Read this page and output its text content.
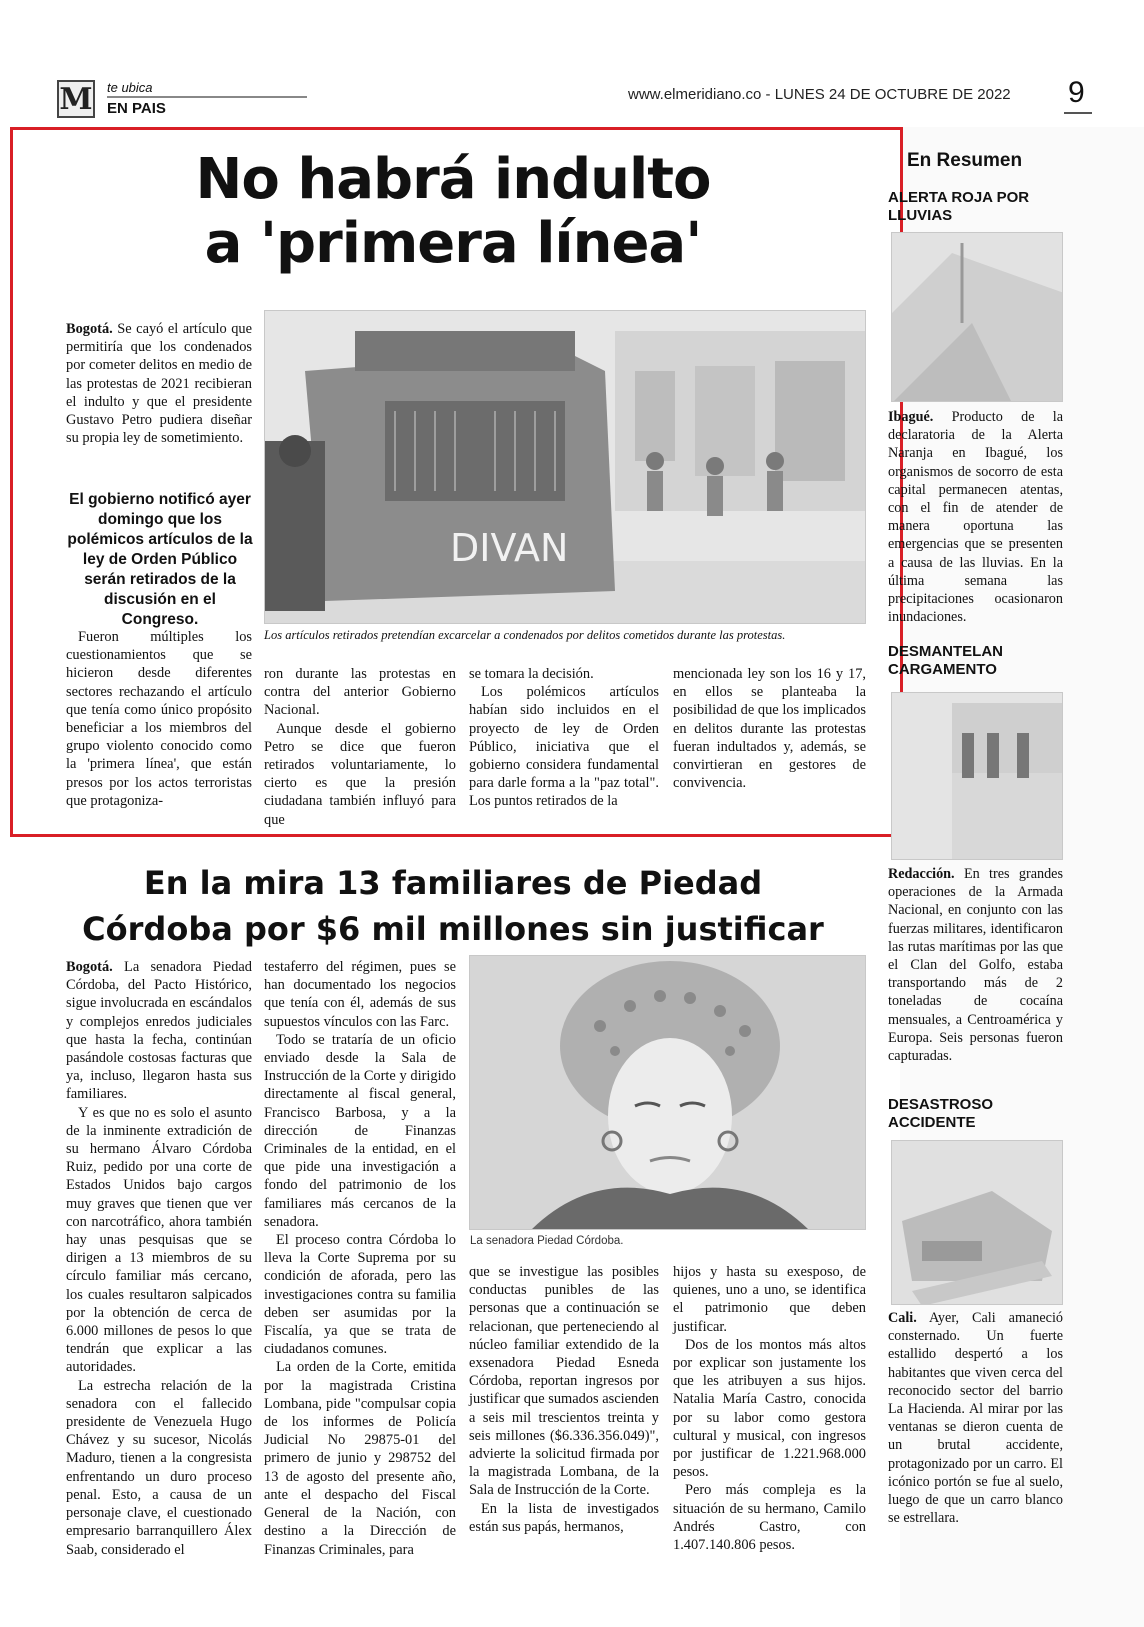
M te ubica
EN PAIS
www.elmeridiano.co - LUNES 24 DE OCTUBRE DE 2022 9
No habrá indulto
a 'primera línea'

Bogotá. Se cayó el artículo que permitiría que los condenados por cometer delitos en medio de las protestas de 2021 recibieran el indulto y que el presidente Gustavo Petro pudiera diseñar su propia ley de sometimiento.

El gobierno notificó ayer domingo que los polémicos artículos de la ley de Orden Público serán retirados de la discusión en el Congreso.
DIVAN
Los artículos retirados pretendían excarcelar a condenados por delitos cometidos durante las protestas.

Fueron múltiples los cuestionamientos que se hicieron desde diferentes sectores rechazando el artículo que tenía como único propósito beneficiar a los miembros del grupo violento conocido como la 'primera línea', que están presos por los actos terroristas que protagoniza-

ron durante las protestas en contra del anterior Gobierno Nacional.

Aunque desde el gobierno Petro se dice que fueron retirados voluntariamente, lo cierto es que la presión ciudadana también influyó para que

se tomara la decisión.

Los polémicos artículos habían sido incluidos en el proyecto de ley de Orden Público, iniciativa que el gobierno considera fundamental para darle forma a la "paz total". Los puntos retirados de la

mencionada ley son los 16 y 17, en ellos se planteaba la posibilidad de que los implicados en delitos durante las protestas fueran indultados y, además, se convirtieran en gestores de convivencia.

En la mira 13 familiares de Piedad
Córdoba por $6 mil millones sin justificar

Bogotá. La senadora Piedad Córdoba, del Pacto Histórico, sigue involucrada en escándalos y complejos enredos judiciales que hasta la fecha, continúan pasándole costosas facturas que ya, incluso, llegaron hasta sus familiares.

Y es que no es solo el asunto de la inminente extradición de su hermano Álvaro Córdoba Ruiz, pedido por una corte de Estados Unidos bajo cargos muy graves que tienen que ver con narcotráfico, ahora también hay unas pesquisas que se dirigen a 13 miembros de su círculo familiar más cercano, los cuales resultaron salpicados por la obtención de cerca de 6.000 millones de pesos lo que tendrán que explicar a las autoridades.

La estrecha relación de la senadora con el fallecido presidente de Venezuela Hugo Chávez y su sucesor, Nicolás Maduro, tienen a la congresista enfrentando un duro proceso penal. Esto, a causa de un personaje clave, el cuestionado empresario barranquillero Álex Saab, considerado el

testaferro del régimen, pues se han documentado los negocios que tenía con él, además de sus supuestos vínculos con las Farc.

Todo se trataría de un oficio enviado desde la Sala de Instrucción de la Corte y dirigido directamente al fiscal general, Francisco Barbosa, y a la dirección de Finanzas Criminales de la entidad, en el que pide una investigación a fondo del patrimonio de los familiares más cercanos de la senadora.

El proceso contra Córdoba lo lleva la Corte Suprema por su condición de aforada, pero las investigaciones contra su familia deben ser asumidas por la Fiscalía, ya que se trata de ciudadanos comunes.

La orden de la Corte, emitida por la magistrada Cristina Lombana, pide "compulsar copia de los informes de Policía Judicial No 29875-01 del primero de junio y 298752 del 13 de agosto del presente año, ante el despacho del Fiscal General de la Nación, con destino a la Dirección de Finanzas Criminales, para

La senadora Piedad Córdoba.

que se investigue las posibles conductas punibles de las personas que a continuación se relacionan, que perteneciendo al núcleo familiar extendido de la exsenadora Piedad Esneda Córdoba, reportan ingresos por justificar que sumados ascienden a seis mil trescientos treinta y seis millones ($6.336.356.049)", advierte la solicitud firmada por la magistrada Lombana, de la Sala de Instrucción de la Corte.

En la lista de investigados están sus papás, hermanos,

hijos y hasta su exesposo, de quienes, uno a uno, se identifica el patrimonio que deben justificar.

Dos de los montos más altos por explicar son justamente los que les atribuyen a sus hijos. Natalia María Castro, conocida por su labor como gestora cultural y musical, con ingresos por justificar de 1.221.968.000 pesos.

Pero más compleja es la situación de su hermano, Camilo Andrés Castro, con 1.407.140.806 pesos.

En Resumen
ALERTA ROJA POR LLUVIAS
Ibagué. Producto de la declaratoria de la Alerta Naranja en Ibagué, los organismos de socorro de esta capital permanecen atentas, con el fin de atender de manera oportuna las emergencias que se presenten a causa de las lluvias. En la última semana las precipitaciones ocasionaron inundaciones.
DESMANTELAN CARGAMENTO
Redacción. En tres grandes operaciones de la Armada Nacional, en conjunto con las fuerzas militares, identificaron las rutas marítimas por las que el Clan del Golfo, estaba transportando más de 2 toneladas de cocaína mensuales, a Centroamérica y Europa. Seis personas fueron capturadas.
DESASTROSO ACCIDENTE
Cali. Ayer, Cali amaneció consternado. Un fuerte estallido despertó a los habitantes que viven cerca del reconocido sector del barrio La Hacienda. Al mirar por las ventanas se dieron cuenta de un brutal accidente, protagonizado por un carro. El icónico portón se fue al suelo, luego de que un carro blanco se estrellara.
